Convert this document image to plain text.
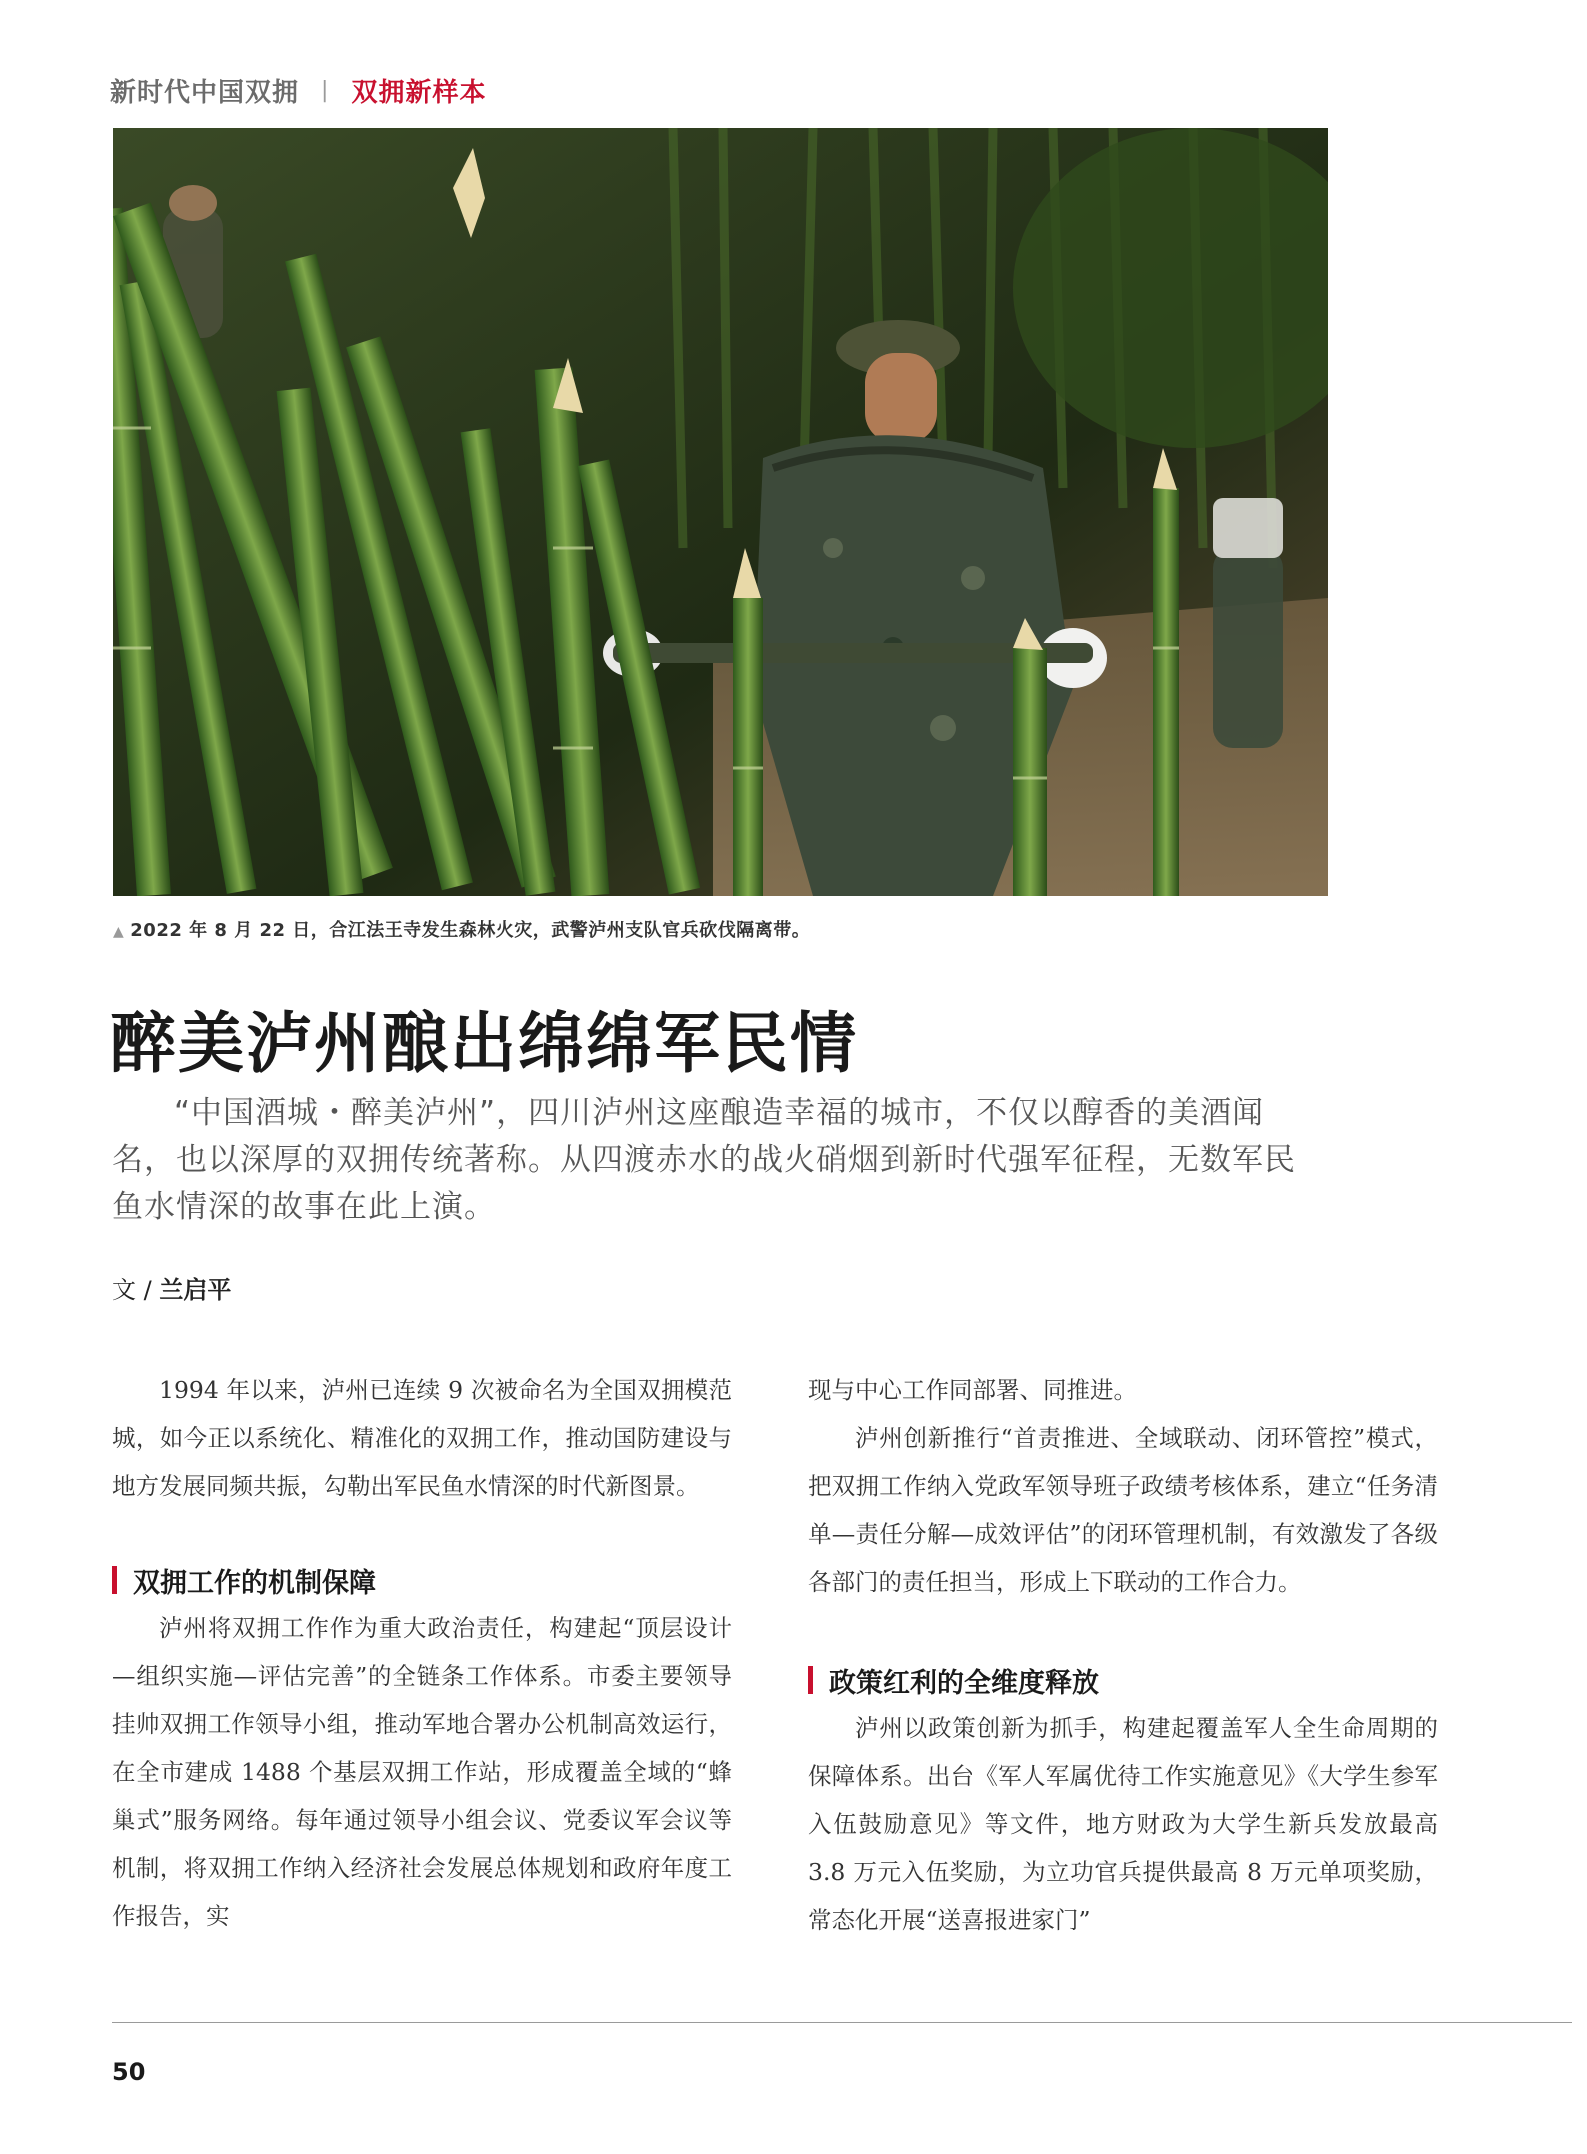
新时代中国双拥 | 双拥新样本
▲ 2022 年 8 月 22 日，合江法王寺发生森林火灾，武警泸州支队官兵砍伐隔离带。
醉美泸州酿出绵绵军民情

“中国酒城・醉美泸州”，四川泸州这座酿造幸福的城市，不仅以醇香的美酒闻名，也以深厚的双拥传统著称。从四渡赤水的战火硝烟到新时代强军征程，无数军民鱼水情深的故事在此上演。

文 / 兰启平

1994 年以来，泸州已连续 9 次被命名为全国双拥模范城，如今正以系统化、精准化的双拥工作，推动国防建设与地方发展同频共振，勾勒出军民鱼水情深的时代新图景。

双拥工作的机制保障

泸州将双拥工作作为重大政治责任，构建起“顶层设计—组织实施—评估完善”的全链条工作体系。市委主要领导挂帅双拥工作领导小组，推动军地合署办公机制高效运行，在全市建成 1488 个基层双拥工作站，形成覆盖全域的“蜂巢式”服务网络。每年通过领导小组会议、党委议军会议等机制，将双拥工作纳入经济社会发展总体规划和政府年度工作报告，实

现与中心工作同部署、同推进。

泸州创新推行“首责推进、全域联动、闭环管控”模式，把双拥工作纳入党政军领导班子政绩考核体系，建立“任务清单—责任分解—成效评估”的闭环管理机制，有效激发了各级各部门的责任担当，形成上下联动的工作合力。

政策红利的全维度释放

泸州以政策创新为抓手，构建起覆盖军人全生命周期的保障体系。出台《军人军属优待工作实施意见》《大学生参军入伍鼓励意见》等文件，地方财政为大学生新兵发放最高 3.8 万元入伍奖励，为立功官兵提供最高 8 万元单项奖励，常态化开展“送喜报进家门”

50
